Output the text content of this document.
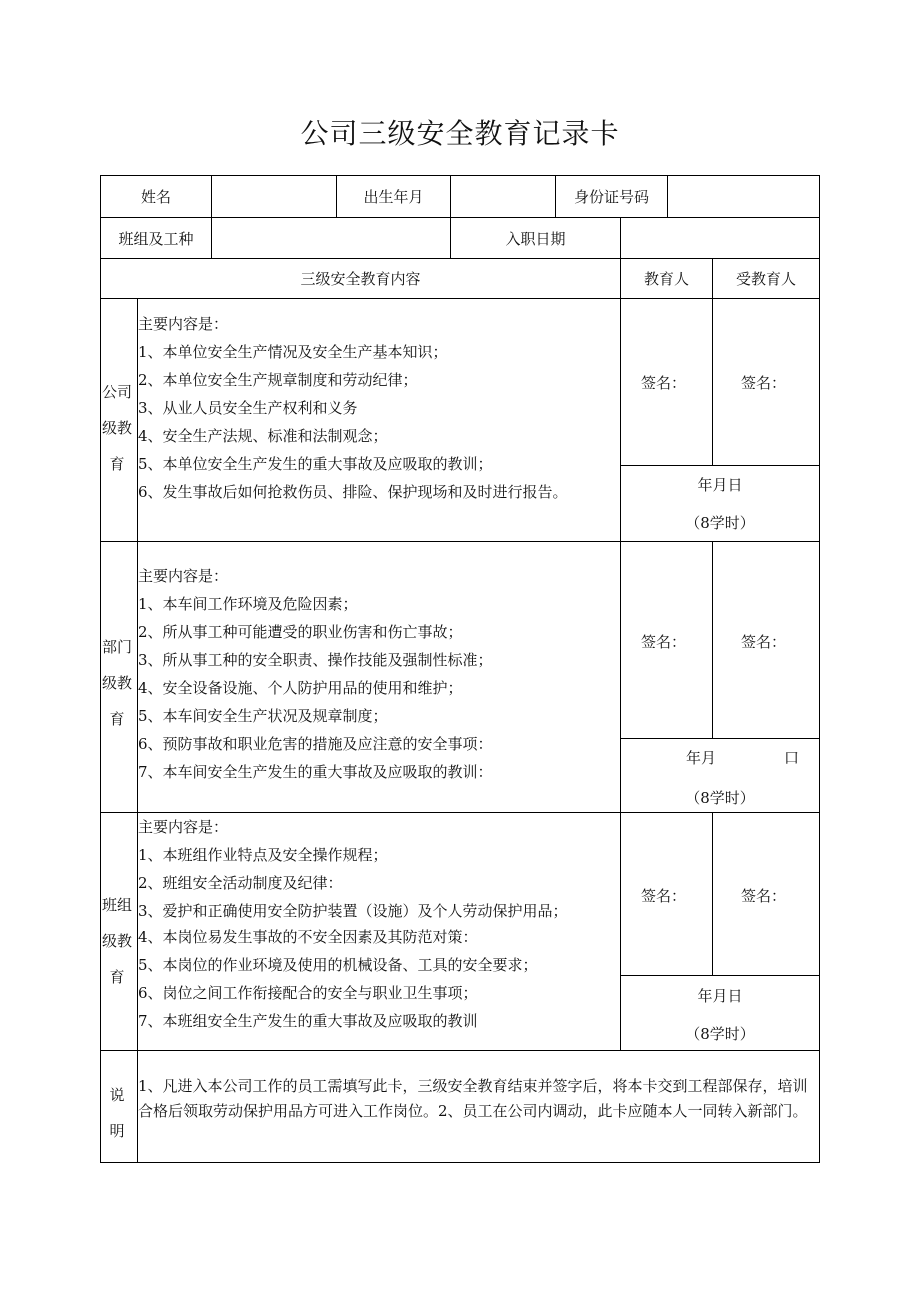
公司三级安全教育记录卡
姓名	出生年月	身份证号码
班组及工种	入职日期
三级安全教育内容	教育人	受教育人
公司
级教
育
主要内容是：
1、本单位安全生产情况及安全生产基本知识；
2、本单位安全生产规章制度和劳动纪律；
3、从业人员安全生产权利和义务
4、安全生产法规、标准和法制观念；
5、本单位安全生产发生的重大事故及应吸取的教训；
6、发生事故后如何抢救伤员、排险、保护现场和及时进行报告。
签名：	签名：
年月日
（8学时）
部门
级教
育
主要内容是：
1、本车间工作环境及危险因素；
2、所从事工种可能遭受的职业伤害和伤亡事故；
3、所从事工种的安全职责、操作技能及强制性标准；
4、安全设备设施、个人防护用品的使用和维护；
5、本车间安全生产状况及规章制度；
6、预防事故和职业危害的措施及应注意的安全事项：
7、本车间安全生产发生的重大事故及应吸取的教训：
签名：	签名：
年月	口
（8学时）
班组
级教
育
主要内容是：
1、本班组作业特点及安全操作规程；
2、班组安全活动制度及纪律：
3、爱护和正确使用安全防护装置（设施）及个人劳动保护用品；
4、本岗位易发生事故的不安全因素及其防范对策：
5、本岗位的作业环境及使用的机械设备、工具的安全要求；
6、岗位之间工作衔接配合的安全与职业卫生事项；
7、本班组安全生产发生的重大事故及应吸取的教训
签名：	签名：
年月日
（8学时）
说
明
1、凡进入本公司工作的员工需填写此卡，三级安全教育结束并签字后，将本卡交到工程部保存，培训合格后领取劳动保护用品方可进入工作岗位。2、员工在公司内调动，此卡应随本人一同转入新部门。
